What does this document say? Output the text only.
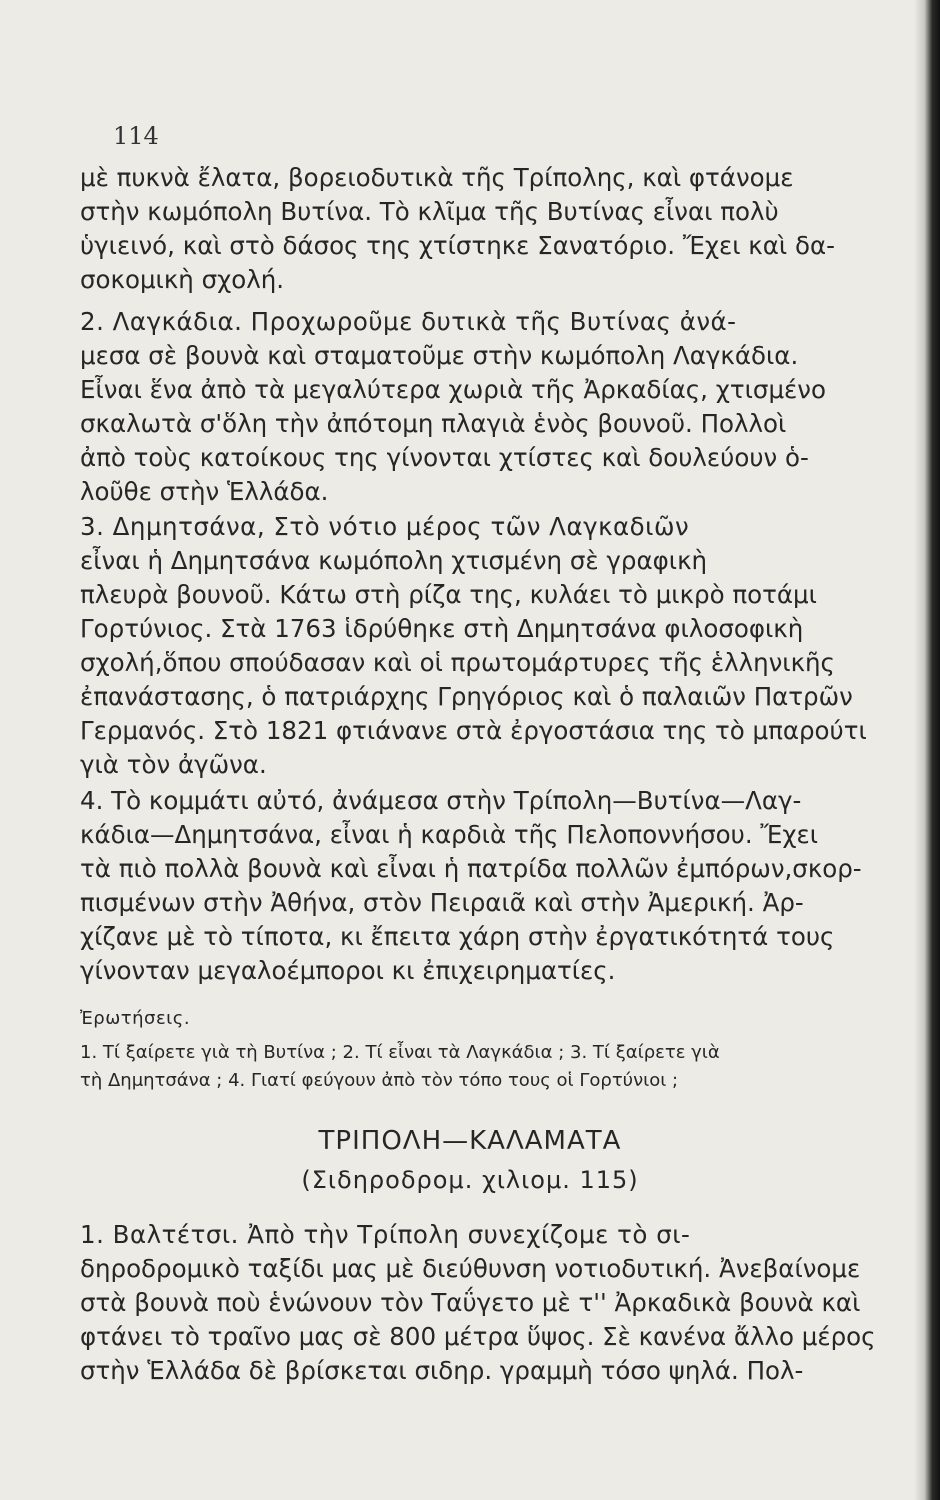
114
μὲ πυκνὰ ἔλατα, βορειοδυτικὰ τῆς Τρίπολης, καὶ φτάνομε
στὴν κωμόπολη Βυτίνα. Τὸ κλῖμα τῆς Βυτίνας εἶναι πολὺ
ὑγιεινό, καὶ στὸ δάσος της χτίστηκε Σανατόριο. Ἔχει καὶ δα-
σοκομικὴ σχολή.
2. Λαγκάδια. Προχωροῦμε δυτικὰ τῆς Βυτίνας ἀνά-
μεσα σὲ βουνὰ καὶ σταματοῦμε στὴν κωμόπολη Λαγκάδια.
Εἶναι ἕνα ἀπὸ τὰ μεγαλύτερα χωριὰ τῆς Ἀρκαδίας, χτισμένο
σκαλωτὰ σ'ὅλη τὴν ἀπότομη πλαγιὰ ἑνὸς βουνοῦ. Πολλοὶ
ἀπὸ τοὺς κατοίκους της γίνονται χτίστες καὶ δουλεύουν ὁ-
λοῦθε στὴν Ἑλλάδα.
3. Δημητσάνα, Στὸ νότιο μέρος τῶν Λαγκαδιῶν
εἶναι ἡ Δημητσάνα κωμόπολη χτισμένη σὲ γραφικὴ
πλευρὰ βουνοῦ. Κάτω στὴ ρίζα της, κυλάει τὸ μικρὸ ποτάμι
Γορτύνιος. Στὰ 1763 ἱδρύθηκε στὴ Δημητσάνα φιλοσοφικὴ
σχολή,ὅπου σπούδασαν καὶ οἱ πρωτομάρτυρες τῆς ἑλληνικῆς
ἐπανάστασης, ὁ πατριάρχης Γρηγόριος καὶ ὁ παλαιῶν Πατρῶν
Γερμανός. Στὸ 1821 φτιάνανε στὰ ἐργοστάσια της τὸ μπαρούτι
γιὰ τὸν ἀγῶνα.
4. Τὸ κομμάτι αὐτό, ἀνάμεσα στὴν Τρίπολη—Βυτίνα—Λαγ-
κάδια—Δημητσάνα, εἶναι ἡ καρδιὰ τῆς Πελοποννήσου. Ἔχει
τὰ πιὸ πολλὰ βουνὰ καὶ εἶναι ἡ πατρίδα πολλῶν ἐμπόρων,σκορ-
πισμένων στὴν Ἀθήνα, στὸν Πειραιᾶ καὶ στὴν Ἀμερική. Ἀρ-
χίζανε μὲ τὸ τίποτα, κι ἔπειτα χάρη στὴν ἐργατικότητά τους
γίνονταν μεγαλοέμποροι κι ἐπιχειρηματίες.
Ἐρωτήσεις.
1. Τί ξαίρετε γιὰ τὴ Βυτίνα ; 2. Τί εἶναι τὰ Λαγκάδια ; 3. Τί ξαίρετε γιὰ
τὴ Δημητσάνα ; 4. Γιατί φεύγουν ἀπὸ τὸν τόπο τους οἱ Γορτύνιοι ;
ΤΡΙΠΟΛΗ—ΚΑΛΑΜΑΤΑ
(Σιδηροδρομ. χιλιομ. 115)
1. Βαλτέτσι. Ἀπὸ τὴν Τρίπολη συνεχίζομε τὸ σι-
δηροδρομικὸ ταξίδι μας μὲ διεύθυνση νοτιοδυτική. Ἀνεβαίνομε
στὰ βουνὰ ποὺ ἑνώνουν τὸν Ταΰγετο μὲ τ'' Ἀρκαδικὰ βουνὰ καὶ
φτάνει τὸ τραῖνο μας σὲ 800 μέτρα ὕψος. Σὲ κανένα ἄλλο μέρος
στὴν Ἑλλάδα δὲ βρίσκεται σιδηρ. γραμμὴ τόσο ψηλά. Πολ-
